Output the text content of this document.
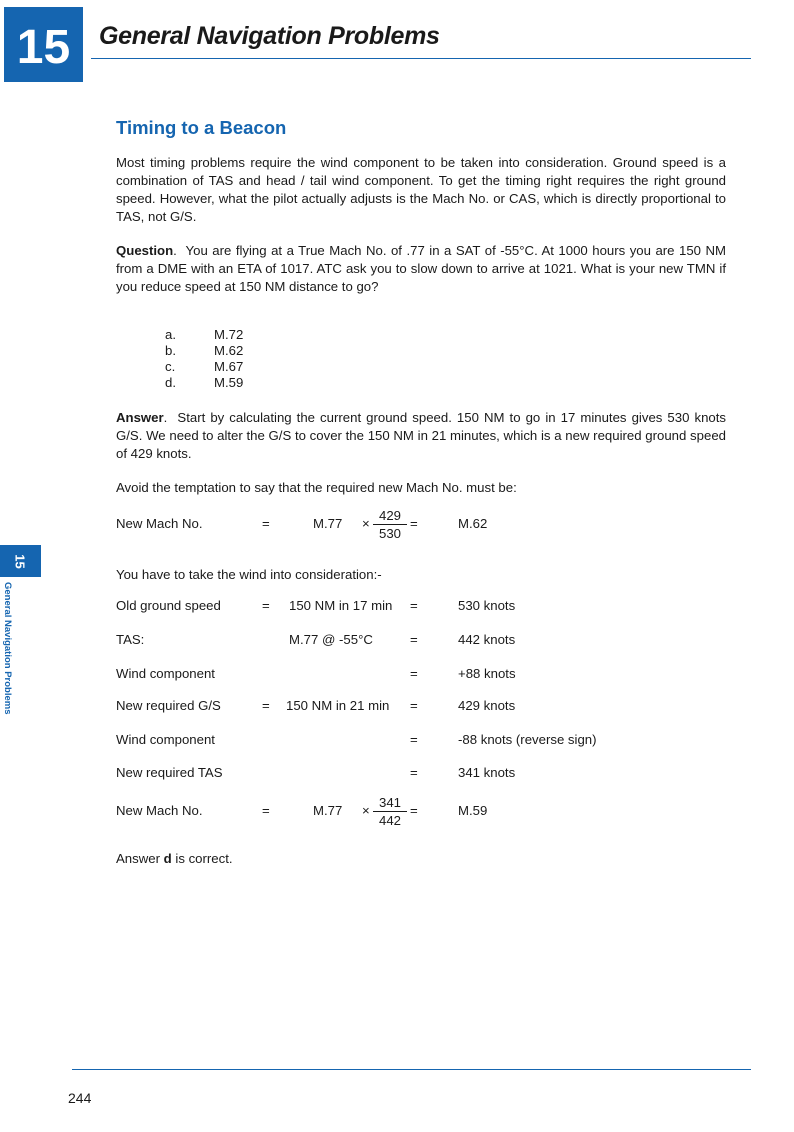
15	General Navigation Problems
15
General Navigation Problems
Timing to a Beacon
Most timing problems require the wind component to be taken into consideration. Ground speed is a combination of TAS and head / tail wind component. To get the timing right requires the right ground speed. However, what the pilot actually adjusts is the Mach No. or CAS, which is directly proportional to TAS, not G/S.
Question.  You are flying at a True Mach No. of .77 in a SAT of -55°C. At 1000 hours you are 150 NM from a DME with an ETA of 1017. ATC ask you to slow down to arrive at 1021. What is your new TMN if you reduce speed at 150 NM distance to go?
a.	M.72
b.	M.62
c.	M.67
d.	M.59
Answer.  Start by calculating the current ground speed. 150 NM to go in 17 minutes gives 530 knots G/S. We need to alter the G/S to cover the 150 NM in 21 minutes, which is a new required ground speed of 429 knots.
Avoid the temptation to say that the required new Mach No. must be:
New Mach No.	=	$M.77 \times \frac{429}{530}$ =	M.62
You have to take the wind into consideration:-
Old ground speed	= 150 NM in 17 min =	530 knots
TAS:	M.77 @ -55°C	=	442 knots
Wind component	=	+88 knots
New required G/S	= 150 NM in 21 min =	429 knots
Wind component	=	-88 knots (reverse sign)
New required TAS	=	341 knots
New Mach No.	=	$M.77 \times \frac{341}{442}$ =	M.59
Answer d is correct.
244
